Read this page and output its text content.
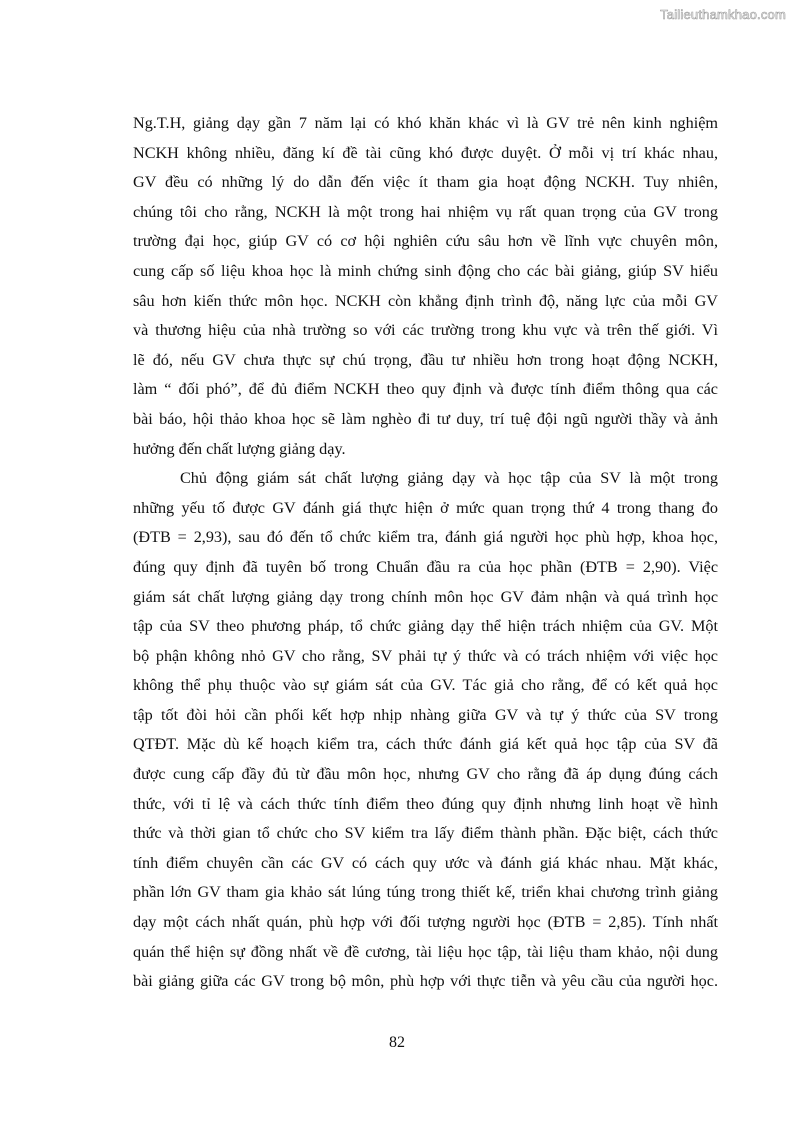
Tailieuthamkhao.com
Ng.T.H, giảng dạy gần 7 năm lại có khó khăn khác vì là GV trẻ nên kinh nghiệm
NCKH không nhiều, đăng kí đề tài cũng khó được duyệt. Ở mỗi vị trí khác nhau,
GV đều có những lý do dẫn đến việc ít tham gia hoạt động NCKH. Tuy nhiên,
chúng tôi cho rằng, NCKH là một trong hai nhiệm vụ rất quan trọng của GV trong
trường đại học, giúp GV có cơ hội nghiên cứu sâu hơn về lĩnh vực chuyên môn,
cung cấp số liệu khoa học là minh chứng sinh động cho các bài giảng, giúp SV hiểu
sâu hơn kiến thức môn học. NCKH còn khẳng định trình độ, năng lực của mỗi GV
và thương hiệu của nhà trường so với các trường trong khu vực và trên thế giới. Vì
lẽ đó, nếu GV chưa thực sự chú trọng, đầu tư nhiều hơn trong hoạt động NCKH,
làm “ đối phó”, để đủ điểm NCKH theo quy định và được tính điểm thông qua các
bài báo, hội thảo khoa học sẽ làm nghèo đi tư duy, trí tuệ đội ngũ người thầy và ảnh
hưởng đến chất lượng giảng dạy.
Chủ động giám sát chất lượng giảng dạy và học tập của SV là một trong
những yếu tố được GV đánh giá thực hiện ở mức quan trọng thứ 4 trong thang đo
(ĐTB = 2,93), sau đó đến tổ chức kiểm tra, đánh giá người học phù hợp, khoa học,
đúng quy định đã tuyên bố trong Chuẩn đầu ra của học phần (ĐTB = 2,90). Việc
giám sát chất lượng giảng dạy trong chính môn học GV đảm nhận và quá trình học
tập của SV theo phương pháp, tổ chức giảng dạy thể hiện trách nhiệm của GV. Một
bộ phận không nhỏ GV cho rằng, SV phải tự ý thức và có trách nhiệm với việc học
không thể phụ thuộc vào sự giám sát của GV. Tác giả cho rằng, để có kết quả học
tập tốt đòi hỏi cần phối kết hợp nhịp nhàng giữa GV và tự ý thức của SV trong
QTĐT. Mặc dù kế hoạch kiểm tra, cách thức đánh giá kết quả học tập của SV đã
được cung cấp đầy đủ từ đầu môn học, nhưng GV cho rằng đã áp dụng đúng cách
thức, với tỉ lệ và cách thức tính điểm theo đúng quy định nhưng linh hoạt về hình
thức và thời gian tổ chức cho SV kiểm tra lấy điểm thành phần. Đặc biệt, cách thức
tính điểm chuyên cần các GV có cách quy ước và đánh giá khác nhau. Mặt khác,
phần lớn GV tham gia khảo sát lúng túng trong thiết kế, triển khai chương trình giảng
dạy một cách nhất quán, phù hợp với đối tượng người học (ĐTB = 2,85). Tính nhất
quán thể hiện sự đồng nhất về đề cương, tài liệu học tập, tài liệu tham khảo, nội dung
bài giảng giữa các GV trong bộ môn, phù hợp với thực tiễn và yêu cầu của người học.
82
